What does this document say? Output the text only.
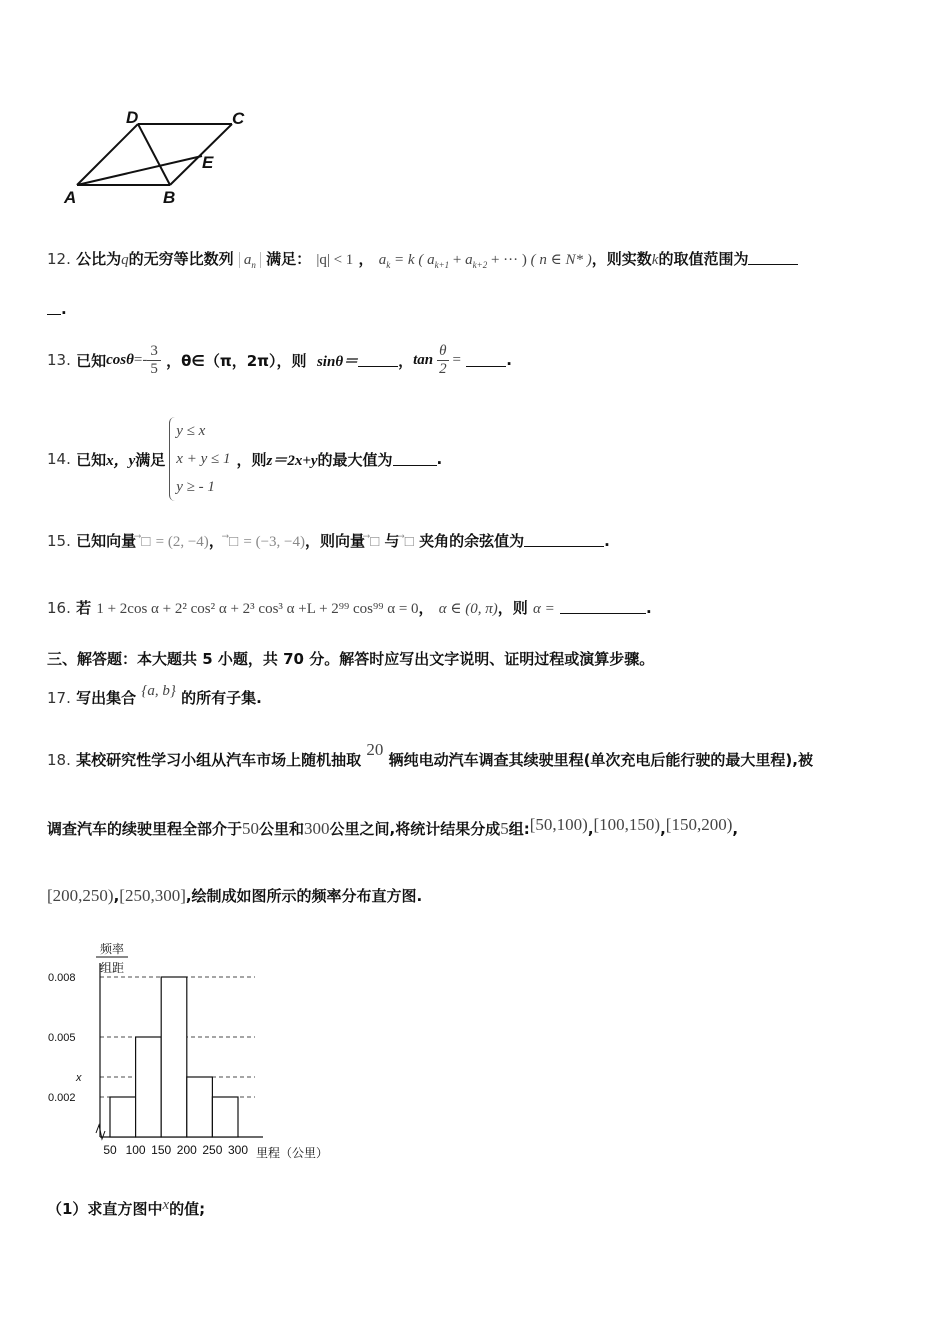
D	C
E
A	B
12. 公比为q的无穷等比数列 $a_n$ 满足： |q| < 1 ， $a_k = k$ ( $a_{k+1} + a_{k+2}$ + ··· ) ( n ∈ N* )，则实数k的取值范围为
.
13.
已知 $\cos\theta =- \frac{3}{5}$
，θ∈（π，2π），则
sinθ＝	， $\tan \frac{\theta}{2}$ =
	.
14.
已知 x，y 满足
y ≤ x
x + y ≤ 1
y ≥ - 1
，则 z＝2x+y 的最大值为	.
15. 已知向量 ⃗□ = (2, −4)， ⃗□ = (−3, −4)，则向量 ⃗□ 与 ⃗□ 夹角的余弦值为	.
16. 若 1 + 2cos α + 2² cos² α + 2³ cos³ α +L + 2⁹⁹ cos⁹⁹ α = 0， α ∈ (0, π)，则 α =	.
三、解答题：本大题共 5 小题，共 70 分。解答时应写出文字说明、证明过程或演算步骤。
17. 写出集合 {a, b} 的所有子集.
18. 某校研究性学习小组从汽车市场上随机抽取 20 辆纯电动汽车调查其续驶里程(单次充电后能行驶的最大里程),被
调查汽车的续驶里程全部介于50公里和300公里之间,将统计结果分成5组:[50,100),[100,150),[150,200),
[200,250),[250,300],绘制成如图所示的频率分布直方图.
0.008
0.005
x
0.002
50 100 150 200 250 300
频率
组距
里程（公里）
（1）求直方图中x的值;
